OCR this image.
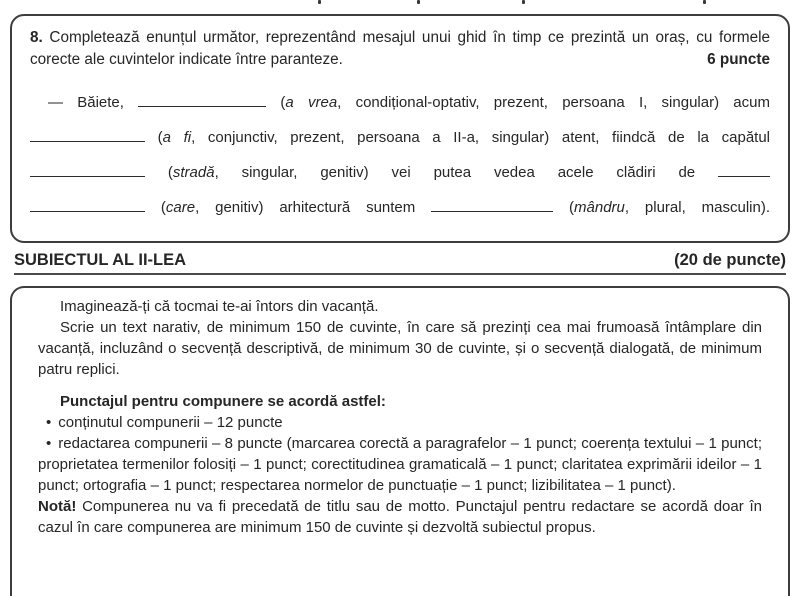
8. Completează enunțul următor, reprezentând mesajul unui ghid în timp ce prezintă un oraș, cu formele corecte ale cuvintelor indicate între paranteze.	6 puncte

— Băiete,	(a vrea, condițional-optativ, prezent, persoana I, singular) acum
(a fi, conjunctiv, prezent, persoana a II-a, singular) atent, fiindcă de la capătul
(stradă, singular, genitiv) vei putea vedea acele clădiri de
(care, genitiv) arhitectură suntem	(mândru, plural, masculin).
SUBIECTUL AL II-LEA	(20 de puncte)

Imaginează-ți că tocmai te-ai întors din vacanță.

Scrie un text narativ, de minimum 150 de cuvinte, în care să prezinți cea mai frumoasă întâmplare din vacanță, incluzând o secvență descriptivă, de minimum 30 de cuvinte, și o secvență dialogată, de minimum patru replici.

Punctajul pentru compunere se acordă astfel:

• conținutul compunerii – 12 puncte

• redactarea compunerii – 8 puncte (marcarea corectă a paragrafelor – 1 punct; coerența textului – 1 punct; proprietatea termenilor folosiți – 1 punct; corectitudinea gramaticală – 1 punct; claritatea exprimării ideilor – 1 punct; ortografia – 1 punct; respectarea normelor de punctuație – 1 punct; lizibilitatea – 1 punct).

Notă! Compunerea nu va fi precedată de titlu sau de motto. Punctajul pentru redactare se acordă doar în cazul în care compunerea are minimum 150 de cuvinte și dezvoltă subiectul propus.
